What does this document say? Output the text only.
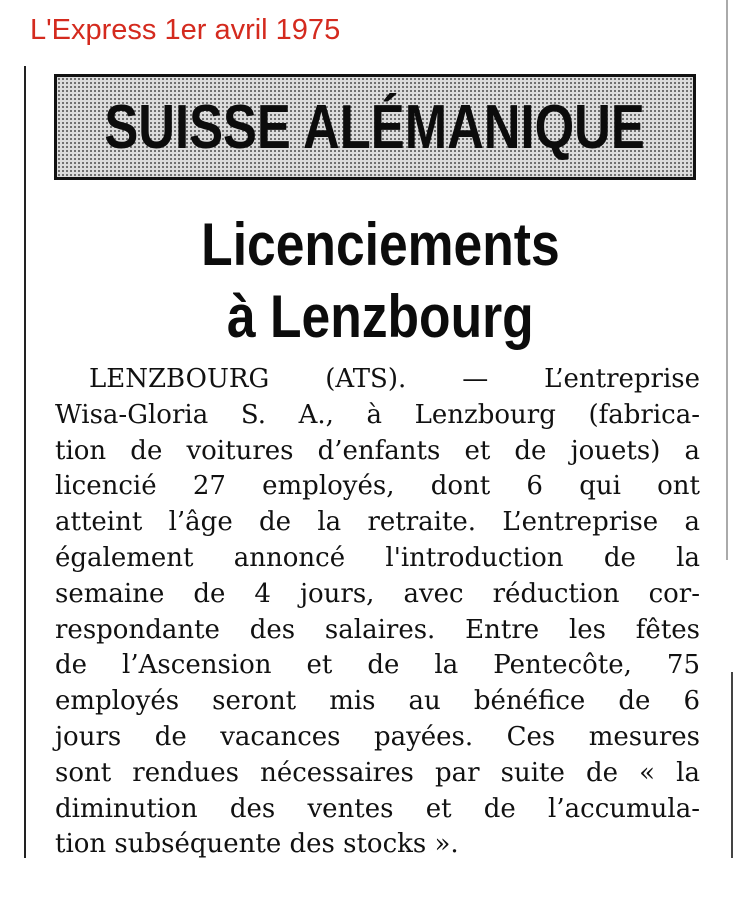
L'Express 1er avril 1975
SUISSE ALÉMANIQUE
Licenciements
à Lenzbourg
LENZBOURG (ATS). — L’entreprise
Wisa-Gloria S. A., à Lenzbourg (fabrica-
tion de voitures d’enfants et de jouets) a
licencié 27 employés, dont 6 qui ont
atteint l’âge de la retraite. L’entreprise a
également annoncé l'introduction de la
semaine de 4 jours, avec réduction cor-
respondante des salaires. Entre les fêtes
de l’Ascension et de la Pentecôte, 75
employés seront mis au bénéfice de 6
jours de vacances payées. Ces mesures
sont rendues nécessaires par suite de « la
diminution des ventes et de l’accumula-
tion subséquente des stocks ».
